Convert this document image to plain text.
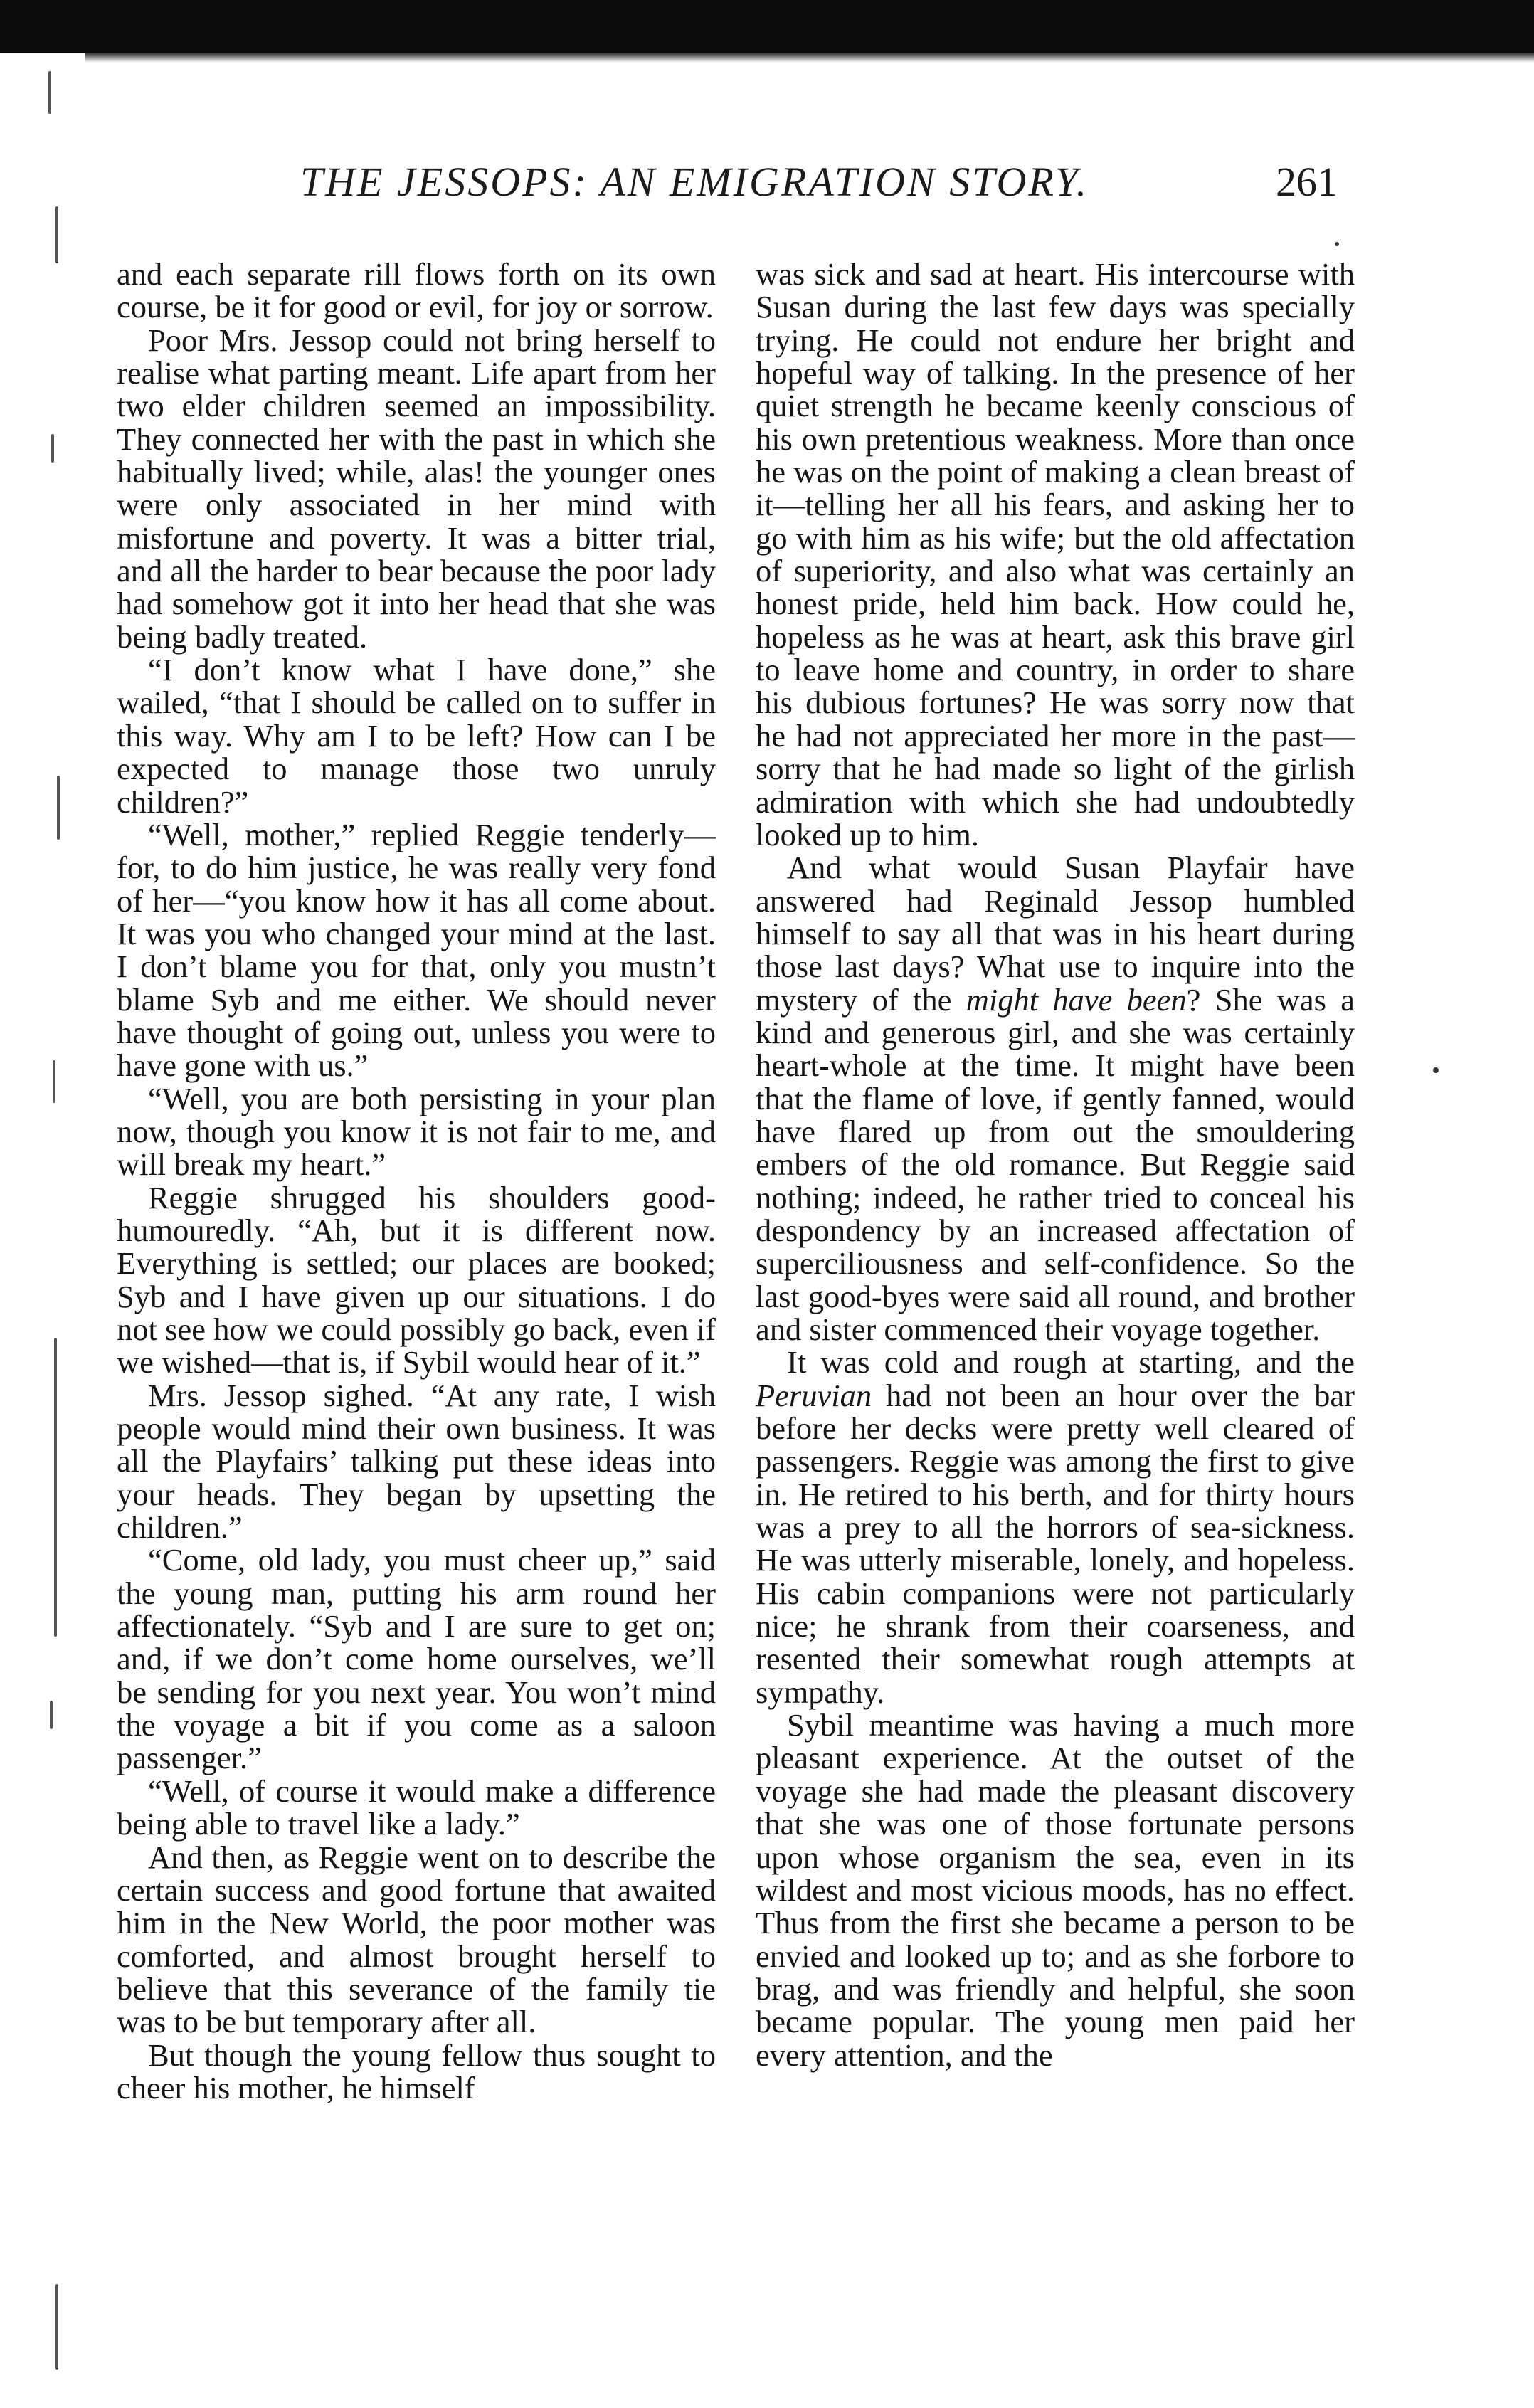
THE JESSOPS: AN EMIGRATION STORY.	261

and each separate rill flows forth on its own course, be it for good or evil, for joy or sorrow.

Poor Mrs. Jessop could not bring herself to realise what parting meant. Life apart from her two elder children seemed an impossibility. They connected her with the past in which she habitually lived; while, alas! the younger ones were only associated in her mind with misfortune and poverty. It was a bitter trial, and all the harder to bear because the poor lady had somehow got it into her head that she was being badly treated.

“I don’t know what I have done,” she wailed, “that I should be called on to suffer in this way. Why am I to be left? How can I be expected to manage those two unruly children?”

“Well, mother,” replied Reggie tenderly—for, to do him justice, he was really very fond of her—“you know how it has all come about. It was you who changed your mind at the last. I don’t blame you for that, only you mustn’t blame Syb and me either. We should never have thought of going out, unless you were to have gone with us.”

“Well, you are both persisting in your plan now, though you know it is not fair to me, and will break my heart.”

Reggie shrugged his shoulders good-humouredly. “Ah, but it is different now. Everything is settled; our places are booked; Syb and I have given up our situations. I do not see how we could possibly go back, even if we wished—that is, if Sybil would hear of it.”

Mrs. Jessop sighed. “At any rate, I wish people would mind their own business. It was all the Playfairs’ talking put these ideas into your heads. They began by upsetting the children.”

“Come, old lady, you must cheer up,” said the young man, putting his arm round her affectionately. “Syb and I are sure to get on; and, if we don’t come home ourselves, we’ll be sending for you next year. You won’t mind the voyage a bit if you come as a saloon passenger.”

“Well, of course it would make a difference being able to travel like a lady.”

And then, as Reggie went on to describe the certain success and good fortune that awaited him in the New World, the poor mother was comforted, and almost brought herself to believe that this severance of the family tie was to be but temporary after all.

But though the young fellow thus sought to cheer his mother, he himself

was sick and sad at heart. His intercourse with Susan during the last few days was specially trying. He could not endure her bright and hopeful way of talking. In the presence of her quiet strength he became keenly conscious of his own pretentious weakness. More than once he was on the point of making a clean breast of it—telling her all his fears, and asking her to go with him as his wife; but the old affectation of superiority, and also what was certainly an honest pride, held him back. How could he, hopeless as he was at heart, ask this brave girl to leave home and country, in order to share his dubious fortunes? He was sorry now that he had not appreciated her more in the past—sorry that he had made so light of the girlish admiration with which she had undoubtedly looked up to him.

And what would Susan Playfair have answered had Reginald Jessop humbled himself to say all that was in his heart during those last days? What use to inquire into the mystery of the might have been? She was a kind and generous girl, and she was certainly heart-whole at the time. It might have been that the flame of love, if gently fanned, would have flared up from out the smouldering embers of the old romance. But Reggie said nothing; indeed, he rather tried to conceal his despondency by an increased affectation of superciliousness and self-confidence. So the last good-byes were said all round, and brother and sister commenced their voyage together.

It was cold and rough at starting, and the Peruvian had not been an hour over the bar before her decks were pretty well cleared of passengers. Reggie was among the first to give in. He retired to his berth, and for thirty hours was a prey to all the horrors of sea-sickness. He was utterly miserable, lonely, and hopeless. His cabin companions were not particularly nice; he shrank from their coarseness, and resented their somewhat rough attempts at sympathy.

Sybil meantime was having a much more pleasant experience. At the outset of the voyage she had made the pleasant discovery that she was one of those fortunate persons upon whose organism the sea, even in its wildest and most vicious moods, has no effect. Thus from the first she became a person to be envied and looked up to; and as she forbore to brag, and was friendly and helpful, she soon became popular. The young men paid her every attention, and the
